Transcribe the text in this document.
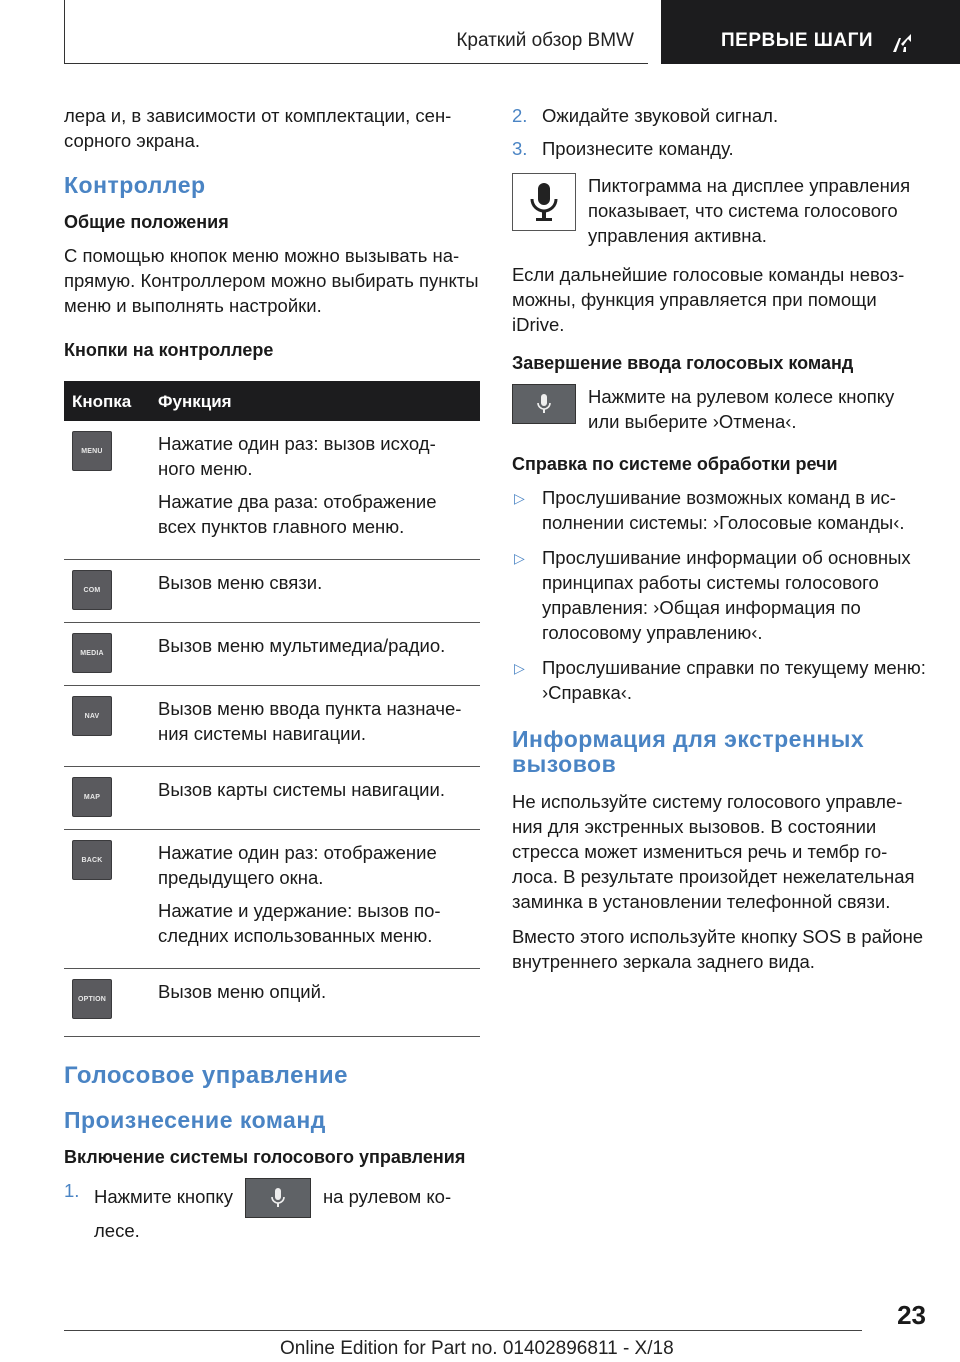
Краткий обзор BMW	ПЕРВЫЕ ШАГИ

лера и, в зависимости от комплектации, сен-сорного экрана.

Контроллер
Общие положения

С помощью кнопок меню можно вызывать на-прямую. Контроллером можно выбирать пункты меню и выполнять настройки.

Кнопки на контроллере
Кнопка	Функция

MENU	Нажатие один раз: вызов исход-ного меню.

Нажатие два раза: отображение всех пунктов главного меню.

COM	Вызов меню связи.

MEDIA	Вызов меню мультимедиа/радио.

NAV	Вызов меню ввода пункта назначе-ния системы навигации.

MAP	Вызов карты системы навигации.

BACK	Нажатие один раз: отображение предыдущего окна.

Нажатие и удержание: вызов по-следних использованных меню.

OPTION	Вызов меню опций.

Голосовое управление
Произнесение команд
Включение системы голосового управления
1. Нажмите кнопку	на рулевом ко-лесе.
2. Ожидайте звуковой сигнал.
3. Произнесите команду.
Пиктограмма на дисплее управления показывает, что система голосового управления активна.

Если дальнейшие голосовые команды невоз-можны, функция управляется при помощи iDrive.

Завершение ввода голосовых команд
Нажмите на рулевом колесе кнопку или выберите ›Отмена‹.
Справка по системе обработки речи
▷ Прослушивание возможных команд в ис-полнении системы: ›Голосовые команды‹.
▷ Прослушивание информации об основных принципах работы системы голосового управления: ›Общая информация по голосовому управлению‹.
▷ Прослушивание справки по текущему меню: ›Справка‹.
Информация для экстренных вызовов

Не используйте систему голосового управле-ния для экстренных вызовов. В состоянии стресса может измениться речь и тембр го-лоса. В результате произойдет нежелательная заминка в установлении телефонной связи.

Вместо этого используйте кнопку SOS в районе внутреннего зеркала заднего вида.

23
Online Edition for Part no. 01402896811 - X/18
